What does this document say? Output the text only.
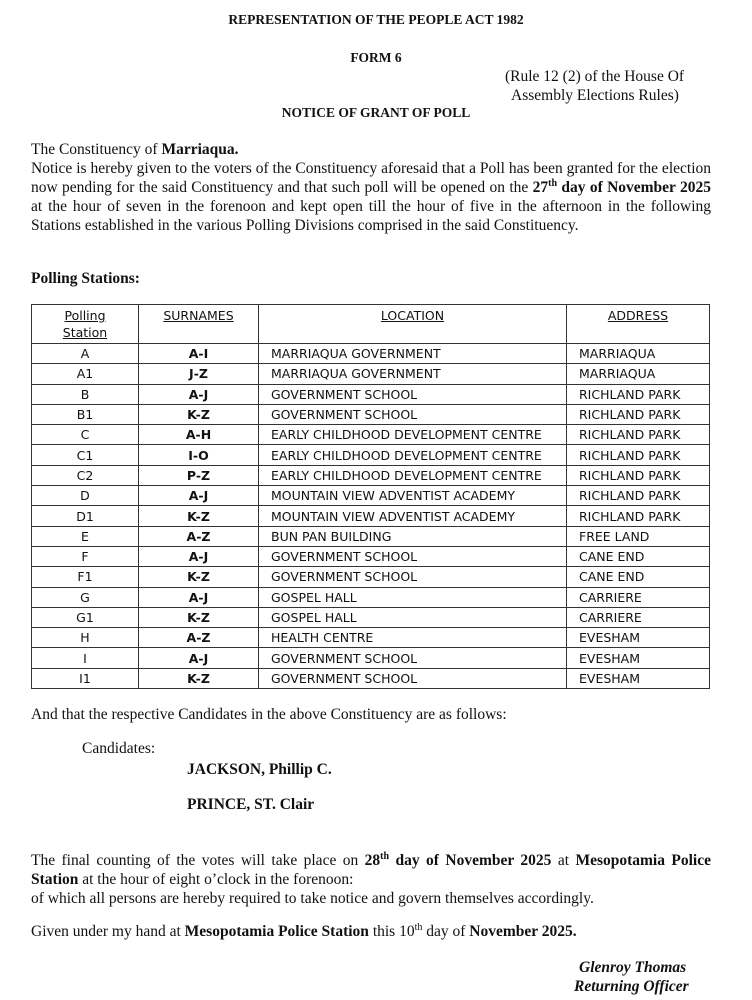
REPRESENTATION OF THE PEOPLE ACT 1982
FORM 6
(Rule 12 (2) of the House Of
Assembly Elections Rules)
NOTICE OF GRANT OF POLL
The Constituency of Marriaqua.
Notice is hereby given to the voters of the Constituency aforesaid that a Poll has been granted for the election now pending for the said Constituency and that such poll will be opened on the 27th day of November 2025 at the hour of seven in the forenoon and kept open till the hour of five in the afternoon in the following Stations established in the various Polling Divisions comprised in the said Constituency.
Polling Stations:
Polling
Station	SURNAMES	LOCATION	ADDRESS
A	A-I	MARRIAQUA GOVERNMENT	MARRIAQUA
A1	J-Z	MARRIAQUA GOVERNMENT	MARRIAQUA
B	A-J	GOVERNMENT SCHOOL	RICHLAND PARK
B1	K-Z	GOVERNMENT SCHOOL	RICHLAND PARK
C	A-H	EARLY CHILDHOOD DEVELOPMENT CENTRE	RICHLAND PARK
C1	I-O	EARLY CHILDHOOD DEVELOPMENT CENTRE	RICHLAND PARK
C2	P-Z	EARLY CHILDHOOD DEVELOPMENT CENTRE	RICHLAND PARK
D	A-J	MOUNTAIN VIEW ADVENTIST ACADEMY	RICHLAND PARK
D1	K-Z	MOUNTAIN VIEW ADVENTIST ACADEMY	RICHLAND PARK
E	A-Z	BUN PAN BUILDING	FREE LAND
F	A-J	GOVERNMENT SCHOOL	CANE END
F1	K-Z	GOVERNMENT SCHOOL	CANE END
G	A-J	GOSPEL HALL	CARRIERE
G1	K-Z	GOSPEL HALL	CARRIERE
H	A-Z	HEALTH CENTRE	EVESHAM
I	A-J	GOVERNMENT SCHOOL	EVESHAM
I1	K-Z	GOVERNMENT SCHOOL	EVESHAM
And that the respective Candidates in the above Constituency are as follows:
Candidates:
JACKSON, Phillip C.
PRINCE, ST. Clair
The final counting of the votes will take place on 28th day of November 2025 at Mesopotamia Police Station at the hour of eight o’clock in the forenoon:
of which all persons are hereby required to take notice and govern themselves accordingly.
Given under my hand at Mesopotamia Police Station this 10th day of November 2025.
Glenroy Thomas
Returning Officer
